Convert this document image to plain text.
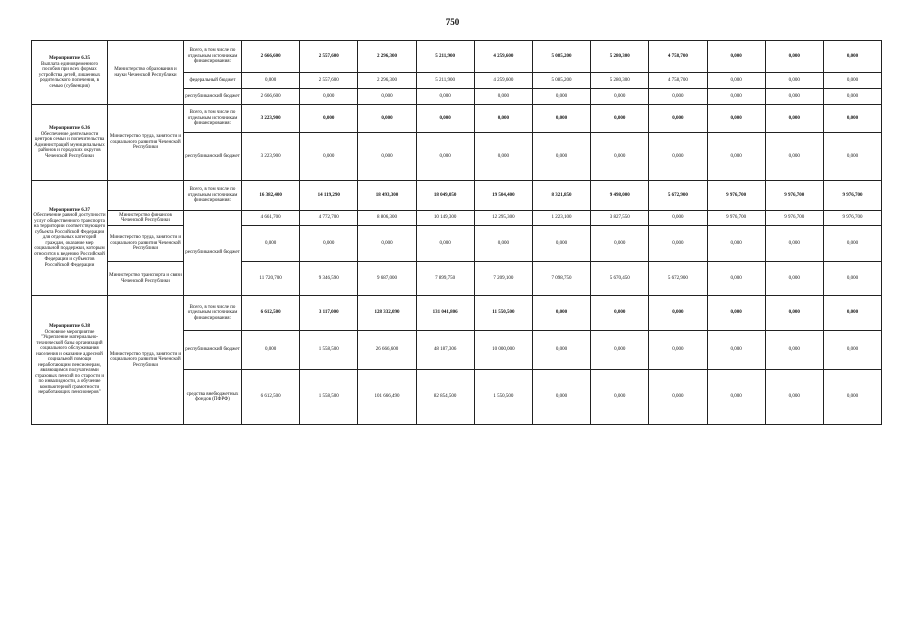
750
Мероприятие 6.35
Выплата единовременного пособия при всех формах устройства детей, лишенных родительского попечения, в семью (субвенция)	Министерство образования и науки Чеченской Республики	Всего, в том числе по отдельным источникам финансирования:	2 666,600	2 557,600	2 296,300	5 211,900	4 259,600	5 085,200	5 280,300	4 758,700	0,000	0,000	0,000
		федеральный бюджет	0,000	2 557,600	2 296,300	5 211,900	4 259,600	5 085,200	5 280,300	4 758,700	0,000	0,000	0,000
		республиканский бюджет	2 666,600	0,000	0,000	0,000	0,000	0,000	0,000	0,000	0,000	0,000	0,000

Мероприятие 6.36
Обеспечение деятельности центров семьи и попечительства Администраций муниципальных районов и городских округов Чеченской Республики	Министерство труда, занятости и социального развития Чеченской Республики	Всего, в том числе по отдельным источникам финансирования:	3 223,900	0,000	0,000	0,000	0,000	0,000	0,000	0,000	0,000	0,000	0,000
		республиканский бюджет	3 223,900	0,000	0,000	0,000	0,000	0,000	0,000	0,000	0,000	0,000	0,000

Мероприятие 6.37
Обеспечение равной доступности услуг общественного транспорта на территории соответствующего субъекта Российской Федерации для отдельных категорий граждан, оказание мер социальной поддержки, которым относится к ведению Российской Федерации и субъектов Российской Федерации		Всего, в том числе по отдельным источникам финансирования:	16 382,400	14 119,290	18 493,300	18 049,050	19 504,400	8 321,850	9 498,000	5 672,900	9 976,700	9 976,700	9 976,700
	Министерство финансов Чеченской Республики	республиканский бюджет	4 661,700	4 772,700	8 806,300	10 149,300	12 295,300	1 223,100	3 827,550	0,000	9 976,700	9 976,700	9 976,700
	Министерство труда, занятости и социального развития Чеченской Республики		0,000	0,000	0,000	0,000	0,000	0,000	0,000	0,000	0,000	0,000	0,000
	Министерство транспорта и связи Чеченской Республики		11 720,700	9 346,590	9 687,000	7 899,750	7 209,100	7 098,750	5 670,450	5 672,900	0,000	0,000	0,000

Мероприятие 6.38
Основное мероприятие "Укрепление материально-технической базы организаций социального обслуживания населения и оказание адресной социальной помощи неработающим пенсионерам, являющимся получателями страховых пенсий по старости и по инвалидности, а обучение компьютерной грамотности неработающих пенсионеров"	Министерство труда, занятости и социального развития Чеченской Республики	Всего, в том числе по отдельным источникам финансирования:	6 612,500	3 117,000	128 332,090	131 041,806	11 550,500	0,000	0,000	0,000	0,000	0,000	0,000
		республиканский бюджет	0,000	1 558,500	26 666,600	48 187,306	10 000,000	0,000	0,000	0,000	0,000	0,000	0,000
		средства внебюджетных фондов (ПФРФ)	6 612,500	1 558,500	101 666,490	82 854,500	1 550,500	0,000	0,000	0,000	0,000	0,000	0,000
